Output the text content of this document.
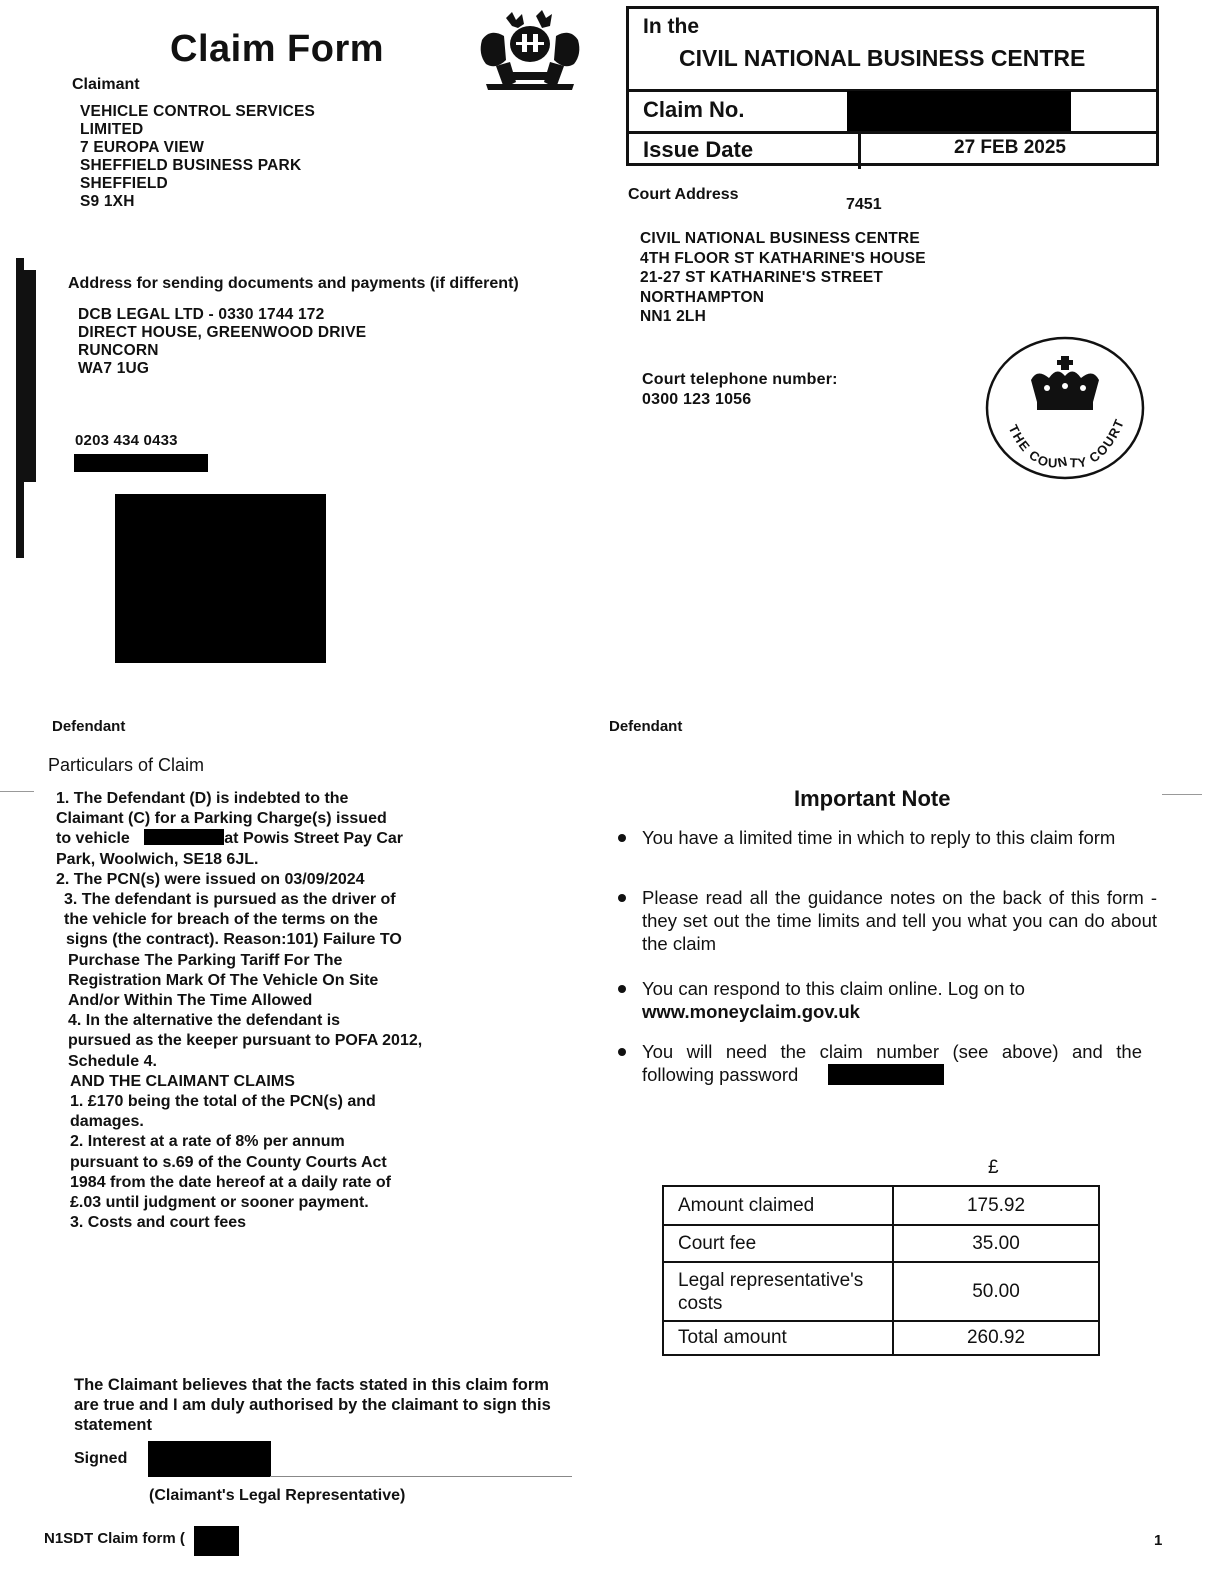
Claim Form
Claimant
VEHICLE CONTROL SERVICES
LIMITED
7 EUROPA VIEW
SHEFFIELD BUSINESS PARK
SHEFFIELD
S9 1XH
In the
CIVIL NATIONAL BUSINESS CENTRE
Claim No.
Issue Date	27 FEB 2025
Court Address
7451
CIVIL NATIONAL BUSINESS CENTRE
4TH FLOOR ST KATHARINE'S HOUSE
21-27 ST KATHARINE'S STREET
NORTHAMPTON
NN1 2LH
Court telephone number:
0300 123 1056
THE COUNTY COURT
Address for sending documents and payments (if different)
DCB LEGAL LTD - 0330 1744 172
DIRECT HOUSE, GREENWOOD DRIVE
RUNCORN
WA7 1UG
0203 434 0433
Defendant	Defendant
Particulars of Claim
1. The Defendant (D) is indebted to the
Claimant (C) for a Parking Charge(s) issued
to vehicle	at Powis Street Pay Car
Park, Woolwich, SE18 6JL.
2. The PCN(s) were issued on 03/09/2024
3. The defendant is pursued as the driver of
the vehicle for breach of the terms on the
signs (the contract). Reason:101) Failure TO
Purchase The Parking Tariff For The
Registration Mark Of The Vehicle On Site
And/or Within The Time Allowed
4. In the alternative the defendant is
pursued as the keeper pursuant to POFA 2012,
Schedule 4.
AND THE CLAIMANT CLAIMS
1. £170 being the total of the PCN(s) and
damages.
2. Interest at a rate of 8% per annum
pursuant to s.69 of the County Courts Act
1984 from the date hereof at a daily rate of
£.03 until judgment or sooner payment.
3. Costs and court fees
Important Note
You have a limited time in which to reply to this claim form
Please read all the guidance notes on the back of this form - they set out the time limits and tell you what you can do about the claim
You can respond to this claim online. Log on to
www.moneyclaim.gov.uk
You will need the claim number (see above) and the following password
£
Amount claimed	175.92
Court fee	35.00
Legal representative's costs	50.00
Total amount	260.92
The Claimant believes that the facts stated in this claim form
are true and I am duly authorised by the claimant to sign this
statement
Signed
(Claimant's Legal Representative)
N1SDT Claim form (	1
